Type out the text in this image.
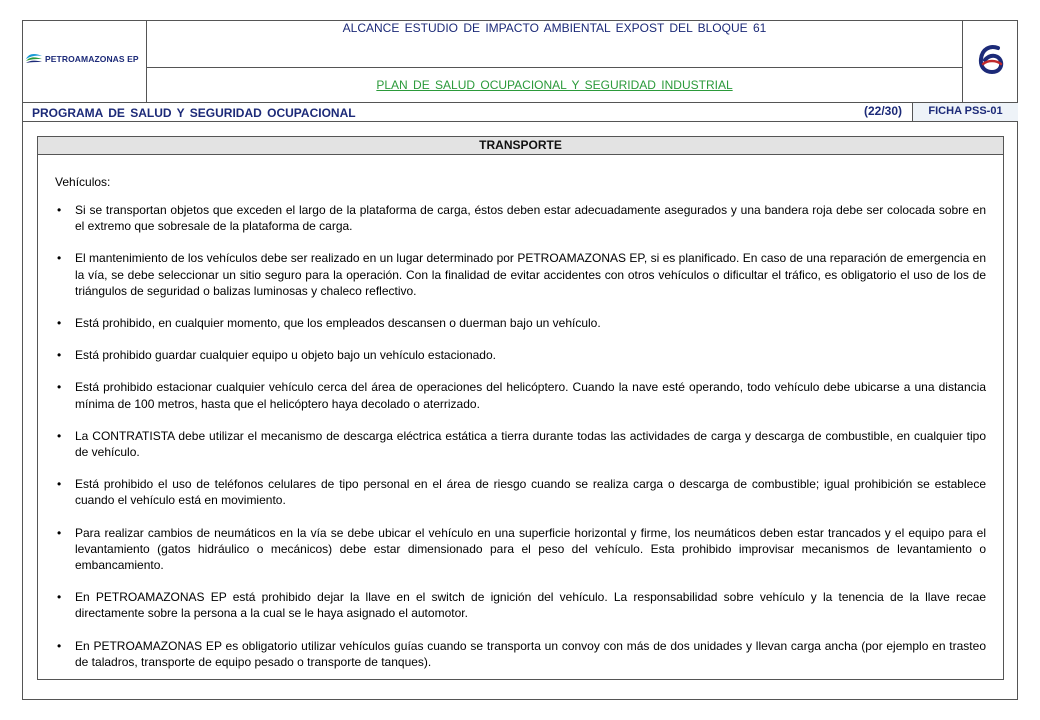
PETROAMAZONAS EP
ALCANCE ESTUDIO DE IMPACTO AMBIENTAL EXPOST DEL BLOQUE 61
PLAN DE SALUD OCUPACIONAL Y SEGURIDAD INDUSTRIAL
PROGRAMA DE SALUD Y SEGURIDAD OCUPACIONAL	(22/30)	FICHA PSS-01
TRANSPORTE

Vehículos:

• Si se transportan objetos que exceden el largo de la plataforma de carga, éstos deben estar adecuadamente asegurados y una bandera roja debe ser colocada sobre en el extremo que sobresale de la plataforma de carga.
• El mantenimiento de los vehículos debe ser realizado en un lugar determinado por PETROAMAZONAS EP, si es planificado. En caso de una reparación de emergencia en la vía, se debe seleccionar un sitio seguro para la operación. Con la finalidad de evitar accidentes con otros vehículos o dificultar el tráfico, es obligatorio el uso de los de triángulos de seguridad o balizas luminosas y chaleco reflectivo.
• Está prohibido, en cualquier momento, que los empleados descansen o duerman bajo un vehículo.
• Está prohibido guardar cualquier equipo u objeto bajo un vehículo estacionado.
• Está prohibido estacionar cualquier vehículo cerca del área de operaciones del helicóptero. Cuando la nave esté operando, todo vehículo debe ubicarse a una distancia mínima de 100 metros, hasta que el helicóptero haya decolado o aterrizado.
• La CONTRATISTA debe utilizar el mecanismo de descarga eléctrica estática a tierra durante todas las actividades de carga y descarga de combustible, en cualquier tipo de vehículo.
• Está prohibido el uso de teléfonos celulares de tipo personal en el área de riesgo cuando se realiza carga o descarga de combustible; igual prohibición se establece cuando el vehículo está en movimiento.
• Para realizar cambios de neumáticos en la vía se debe ubicar el vehículo en una superficie horizontal y firme, los neumáticos deben estar trancados y el equipo para el levantamiento (gatos hidráulico o mecánicos) debe estar dimensionado para el peso del vehículo. Esta prohibido improvisar mecanismos de levantamiento o embancamiento.
• En PETROAMAZONAS EP está prohibido dejar la llave en el switch de ignición del vehículo. La responsabilidad sobre vehículo y la tenencia de la llave recae directamente sobre la persona a la cual se le haya asignado el automotor.
• En PETROAMAZONAS EP es obligatorio utilizar vehículos guías cuando se transporta un convoy con más de dos unidades y llevan carga ancha (por ejemplo en trasteo de taladros, transporte de equipo pesado o transporte de tanques).
